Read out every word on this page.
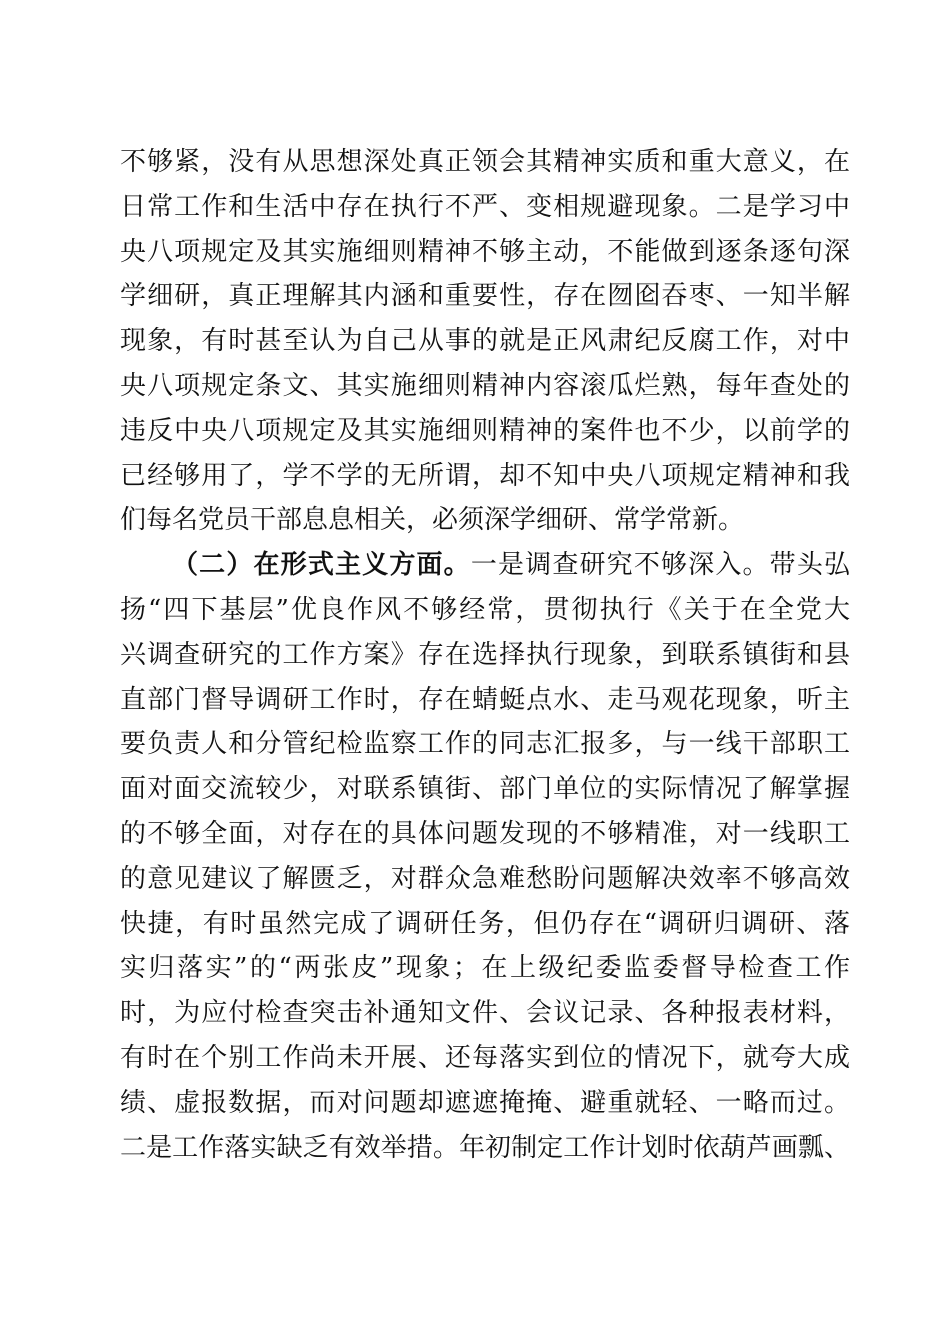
不够紧，没有从思想深处真正领会其精神实质和重大意义，在
日常工作和生活中存在执行不严、变相规避现象。二是学习中
央八项规定及其实施细则精神不够主动，不能做到逐条逐句深
学细研，真正理解其内涵和重要性，存在囫囵吞枣、一知半解
现象，有时甚至认为自己从事的就是正风肃纪反腐工作，对中
央八项规定条文、其实施细则精神内容滚瓜烂熟，每年查处的
违反中央八项规定及其实施细则精神的案件也不少，以前学的
已经够用了，学不学的无所谓，却不知中央八项规定精神和我
们每名党员干部息息相关，必须深学细研、常学常新。
（二）在形式主义方面。一是调查研究不够深入。带头弘
扬“四下基层”优良作风不够经常，贯彻执行《关于在全党大
兴调查研究的工作方案》存在选择执行现象，到联系镇街和县
直部门督导调研工作时，存在蜻蜓点水、走马观花现象，听主
要负责人和分管纪检监察工作的同志汇报多，与一线干部职工
面对面交流较少，对联系镇街、部门单位的实际情况了解掌握
的不够全面，对存在的具体问题发现的不够精准，对一线职工
的意见建议了解匮乏，对群众急难愁盼问题解决效率不够高效
快捷，有时虽然完成了调研任务，但仍存在“调研归调研、落
实归落实”的“两张皮”现象；在上级纪委监委督导检查工作
时，为应付检查突击补通知文件、会议记录、各种报表材料，
有时在个别工作尚未开展、还每落实到位的情况下，就夸大成
绩、虚报数据，而对问题却遮遮掩掩、避重就轻、一略而过。
二是工作落实缺乏有效举措。年初制定工作计划时依葫芦画瓢、
